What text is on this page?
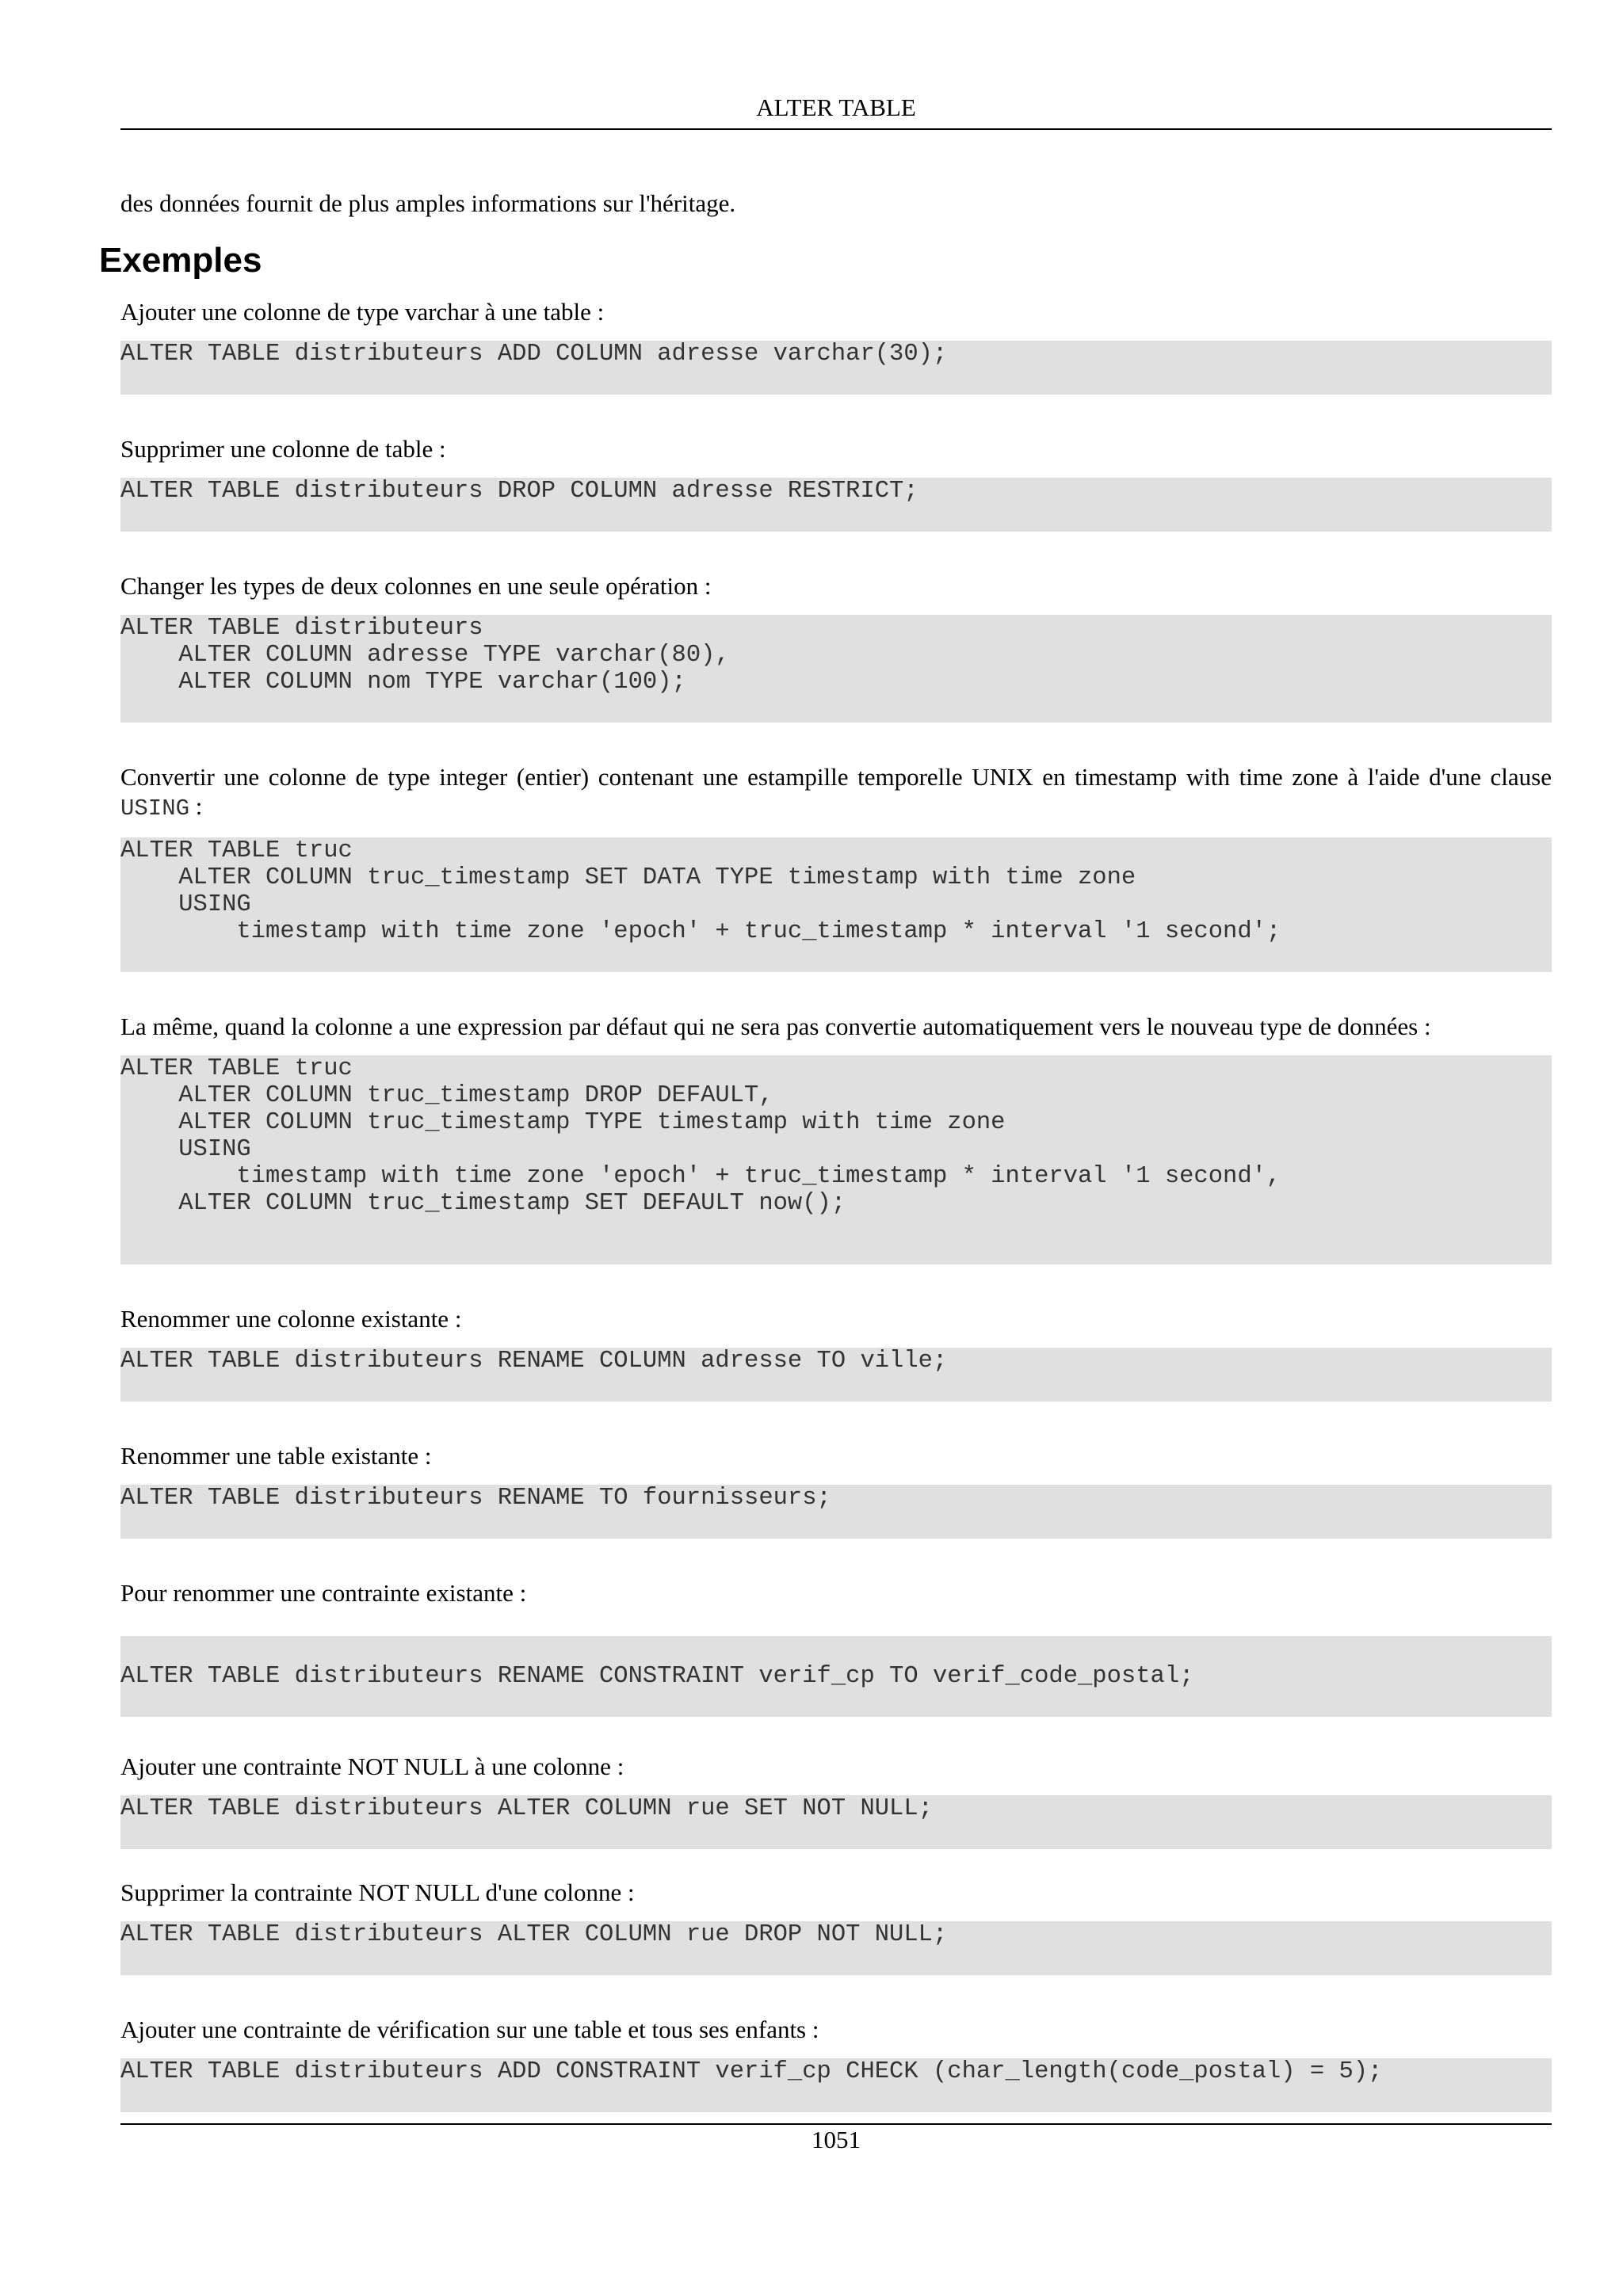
ALTER TABLE

des données fournit de plus amples informations sur l'héritage.

Exemples

Ajouter une colonne de type varchar à une table :

ALTER TABLE distributeurs ADD COLUMN adresse varchar(30);

Supprimer une colonne de table :

ALTER TABLE distributeurs DROP COLUMN adresse RESTRICT;

Changer les types de deux colonnes en une seule opération :

ALTER TABLE distributeurs
ALTER COLUMN adresse TYPE varchar(80),
ALTER COLUMN nom TYPE varchar(100);

Convertir une colonne de type integer (entier) contenant une estampille temporelle UNIX en timestamp with time zone à l'aide d'une clause USING :

ALTER TABLE truc
ALTER COLUMN truc_timestamp SET DATA TYPE timestamp with time zone
USING
timestamp with time zone 'epoch' + truc_timestamp * interval '1 second';

La même, quand la colonne a une expression par défaut qui ne sera pas convertie automatiquement vers le nouveau type de données :

ALTER TABLE truc
ALTER COLUMN truc_timestamp DROP DEFAULT,
ALTER COLUMN truc_timestamp TYPE timestamp with time zone
USING
timestamp with time zone 'epoch' + truc_timestamp * interval '1 second',
ALTER COLUMN truc_timestamp SET DEFAULT now();

Renommer une colonne existante :

ALTER TABLE distributeurs RENAME COLUMN adresse TO ville;

Renommer une table existante :

ALTER TABLE distributeurs RENAME TO fournisseurs;

Pour renommer une contrainte existante :

ALTER TABLE distributeurs RENAME CONSTRAINT verif_cp TO verif_code_postal;

Ajouter une contrainte NOT NULL à une colonne :

ALTER TABLE distributeurs ALTER COLUMN rue SET NOT NULL;

Supprimer la contrainte NOT NULL d'une colonne :

ALTER TABLE distributeurs ALTER COLUMN rue DROP NOT NULL;

Ajouter une contrainte de vérification sur une table et tous ses enfants :

ALTER TABLE distributeurs ADD CONSTRAINT verif_cp CHECK (char_length(code_postal) = 5);
1051
